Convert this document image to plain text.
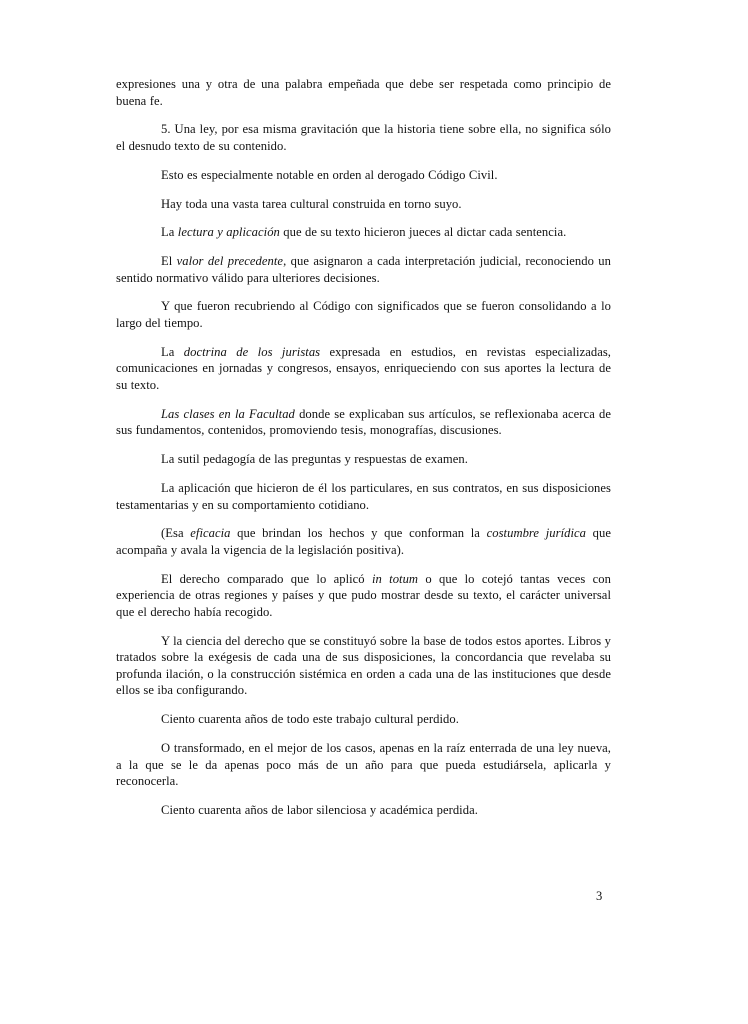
expresiones una y otra de una palabra empeñada que debe ser respetada como principio de buena fe.

5. Una ley, por esa misma gravitación que la historia tiene sobre ella, no significa sólo el desnudo texto de su contenido.

Esto es especialmente notable en orden al derogado Código Civil.

Hay toda una vasta tarea cultural construida en torno suyo.

La lectura y aplicación que de su texto hicieron jueces al dictar cada sentencia.

El valor del precedente, que asignaron a cada interpretación judicial, reconociendo un sentido normativo válido para ulteriores decisiones.

Y que fueron recubriendo al Código con significados que se fueron consolidando a lo largo del tiempo.

La doctrina de los juristas expresada en estudios, en revistas especializadas, comunicaciones en jornadas y congresos, ensayos, enriqueciendo con sus aportes la lectura de su texto.

Las clases en la Facultad donde se explicaban sus artículos, se reflexionaba acerca de sus fundamentos, contenidos, promoviendo tesis, monografías, discusiones.

La sutil pedagogía de las preguntas y respuestas de examen.

La aplicación que hicieron de él los particulares, en sus contratos, en sus disposiciones testamentarias y en su comportamiento cotidiano.

(Esa eficacia que brindan los hechos y que conforman la costumbre jurídica que acompaña y avala la vigencia de la legislación positiva).

El derecho comparado que lo aplicó in totum o que lo cotejó tantas veces con experiencia de otras regiones y países y que pudo mostrar desde su texto, el carácter universal que el derecho había recogido.

Y la ciencia del derecho que se constituyó sobre la base de todos estos aportes. Libros y tratados sobre la exégesis de cada una de sus disposiciones, la concordancia que revelaba su profunda ilación, o la construcción sistémica en orden a cada una de las instituciones que desde ellos se iba configurando.

Ciento cuarenta años de todo este trabajo cultural perdido.

O transformado, en el mejor de los casos, apenas en la raíz enterrada de una ley nueva, a la que se le da apenas poco más de un año para que pueda estudiársela, aplicarla y reconocerla.

Ciento cuarenta años de labor silenciosa y académica perdida.

3
